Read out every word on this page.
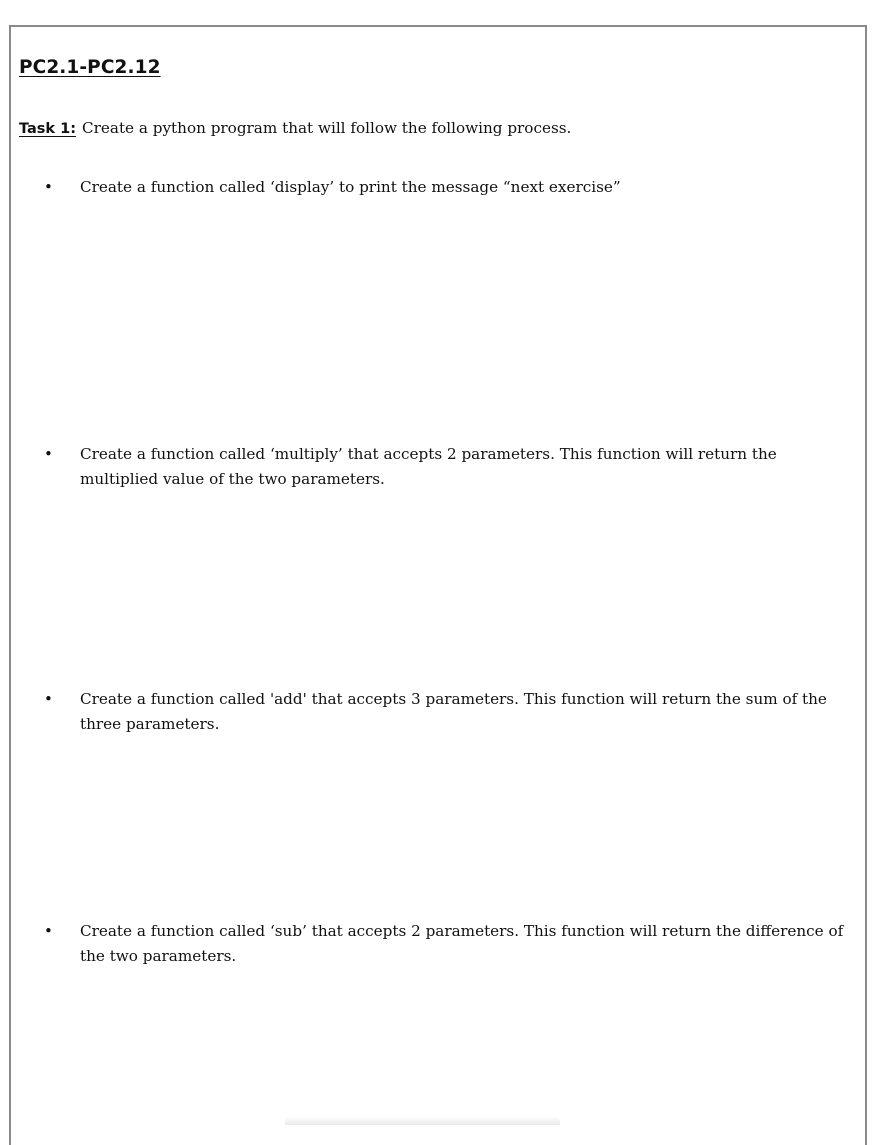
PC2.1-PC2.12

Task 1: Create a python program that will follow the following process.

• Create a function called ‘display’ to print the message “next exercise”
• Create a function called ‘multiply’ that accepts 2 parameters. This function will return the multiplied value of the two parameters.
• Create a function called 'add' that accepts 3 parameters. This function will return the sum of the three parameters.
• Create a function called ‘sub’ that accepts 2 parameters. This function will return the difference of the two parameters.
